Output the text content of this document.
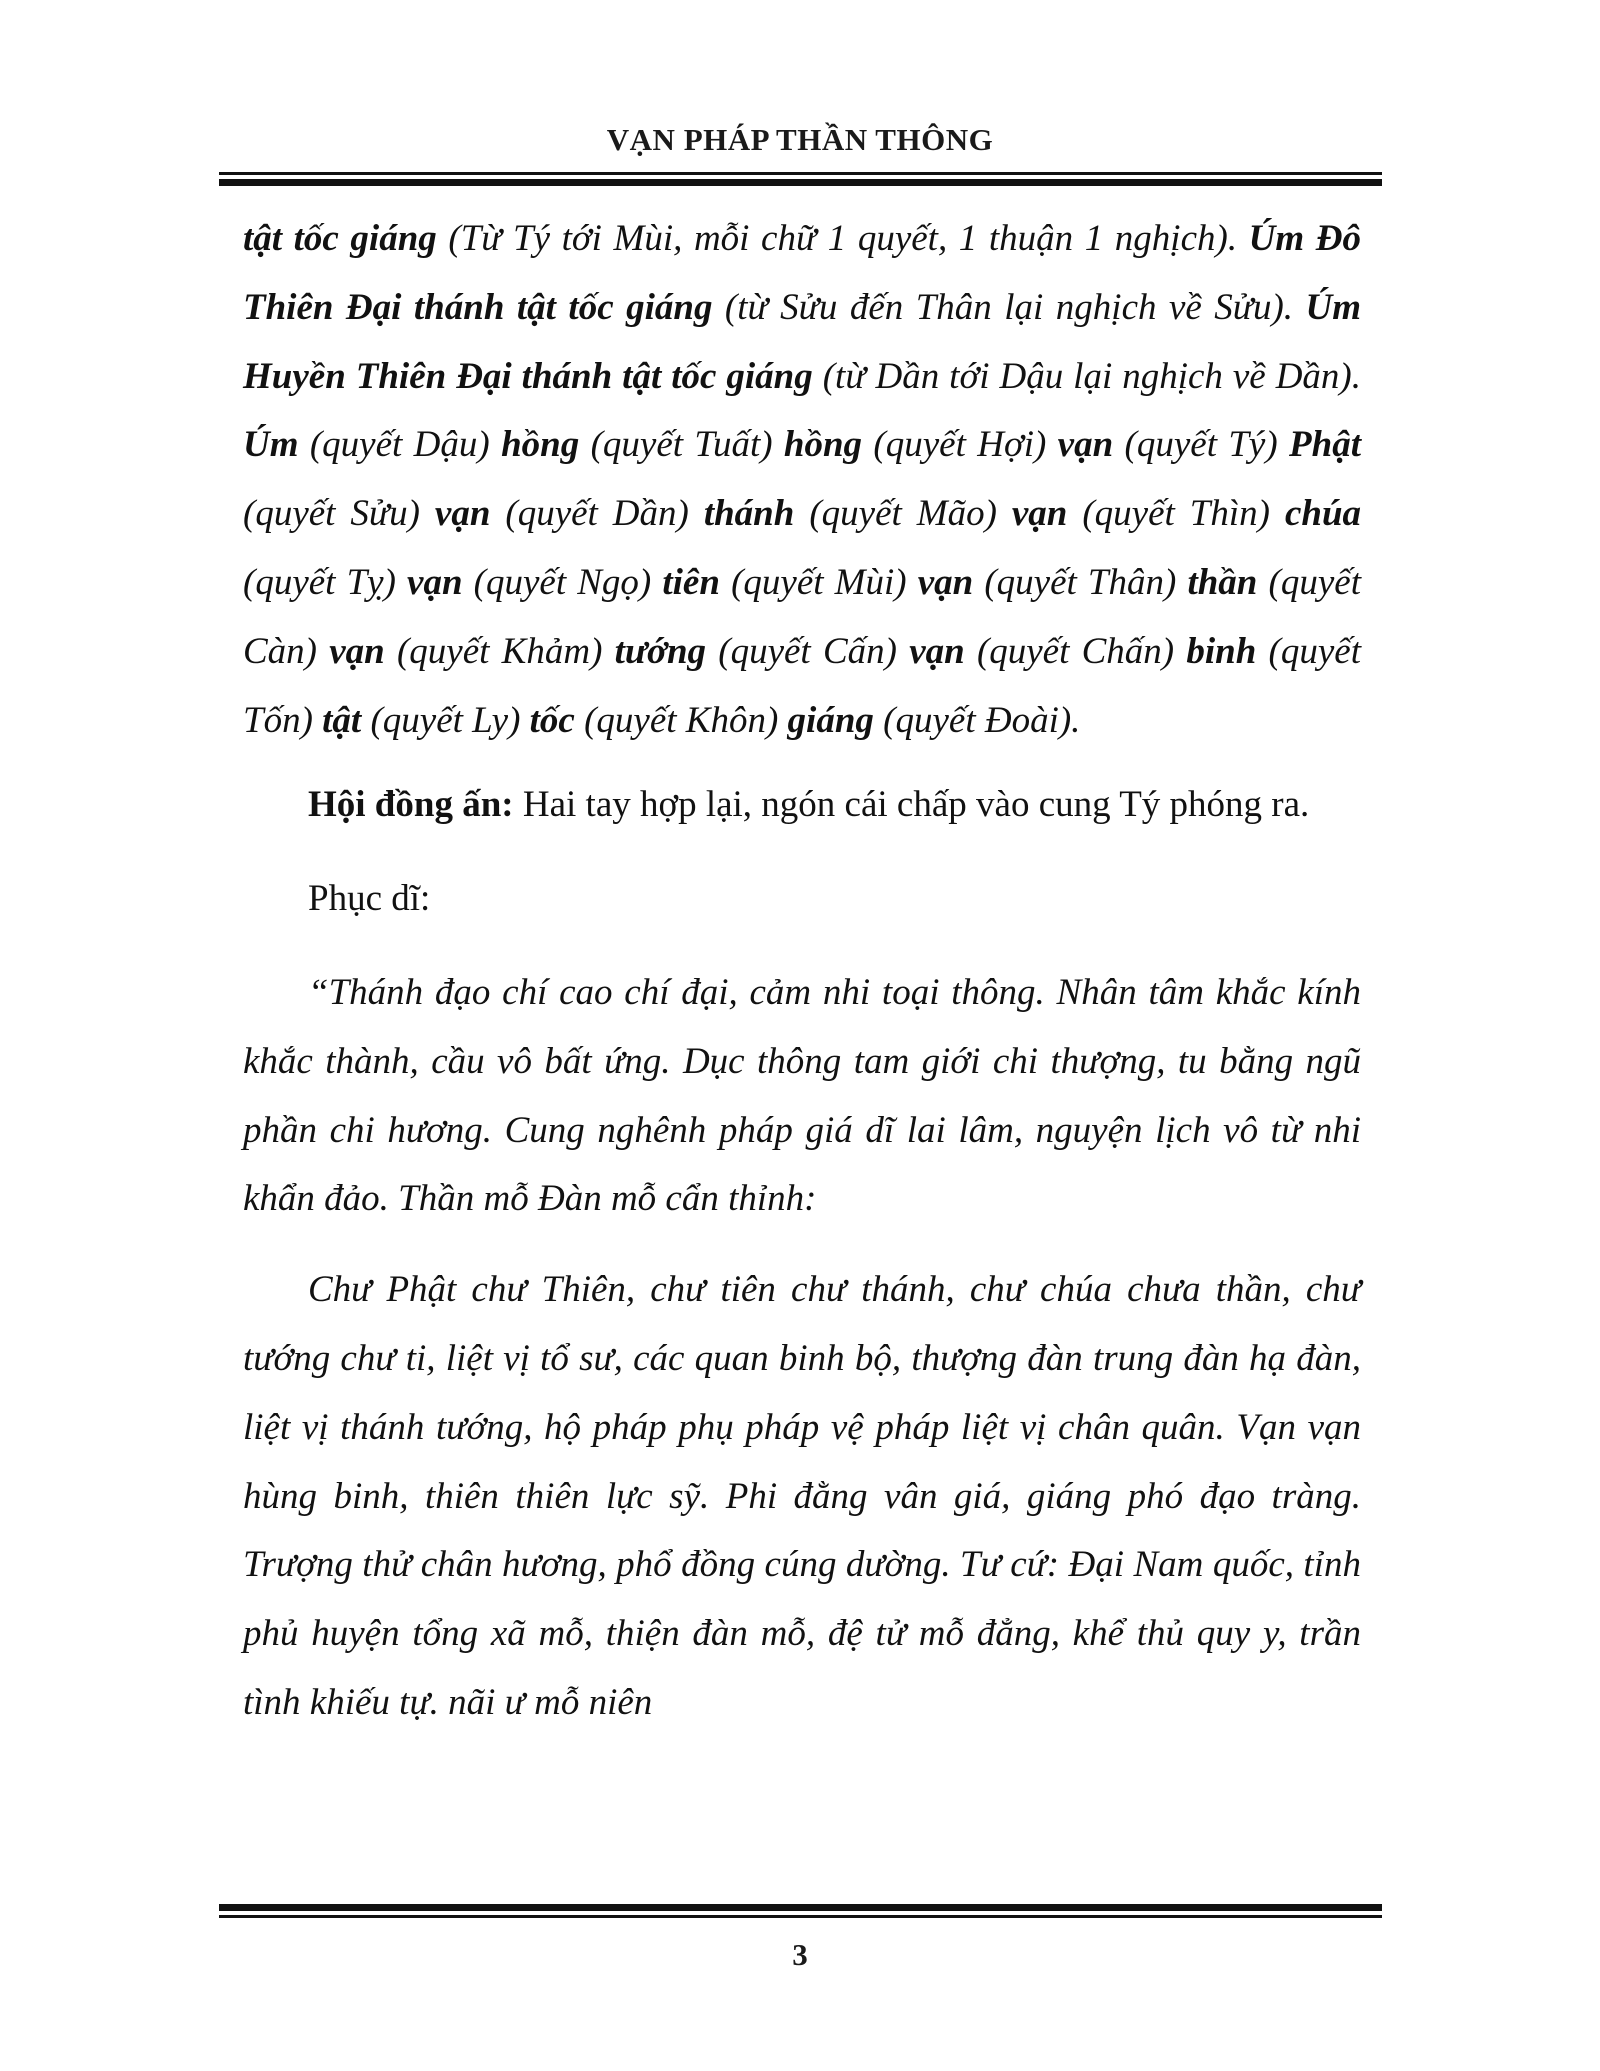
VẠN PHÁP THẦN THÔNG

tật tốc giáng (Từ Tý tới Mùi, mỗi chữ 1 quyết, 1 thuận 1 nghịch). Úm Đô Thiên Đại thánh tật tốc giáng (từ Sửu đến Thân lại nghịch về Sửu). Úm Huyền Thiên Đại thánh tật tốc giáng (từ Dần tới Dậu lại nghịch về Dần). Úm (quyết Dậu) hồng (quyết Tuất) hồng (quyết Hợi) vạn (quyết Tý) Phật (quyết Sửu) vạn (quyết Dần) thánh (quyết Mão) vạn (quyết Thìn) chúa (quyết Tỵ) vạn (quyết Ngọ) tiên (quyết Mùi) vạn (quyết Thân) thần (quyết Càn) vạn (quyết Khảm) tướng (quyết Cấn) vạn (quyết Chấn) binh (quyết Tốn) tật (quyết Ly) tốc (quyết Khôn) giáng (quyết Đoài).

Hội đồng ấn: Hai tay hợp lại, ngón cái chấp vào cung Tý phóng ra.

Phục dĩ:

“Thánh đạo chí cao chí đại, cảm nhi toại thông. Nhân tâm khắc kính khắc thành, cầu vô bất ứng. Dục thông tam giới chi thượng, tu bằng ngũ phần chi hương. Cung nghênh pháp giá dĩ lai lâm, nguyện lịch vô từ nhi khẩn đảo. Thần mỗ Đàn mỗ cẩn thỉnh:

Chư Phật chư Thiên, chư tiên chư thánh, chư chúa chưa thần, chư tướng chư ti, liệt vị tổ sư, các quan binh bộ, thượng đàn trung đàn hạ đàn, liệt vị thánh tướng, hộ pháp phụ pháp vệ pháp liệt vị chân quân. Vạn vạn hùng binh, thiên thiên lực sỹ. Phi đằng vân giá, giáng phó đạo tràng. Trượng thử chân hương, phổ đồng cúng dường. Tư cứ: Đại Nam quốc, tỉnh phủ huyện tổng xã mỗ, thiện đàn mỗ, đệ tử mỗ đẳng, khể thủ quy y, trần tình khiếu tự. nãi ư mỗ niên

3
